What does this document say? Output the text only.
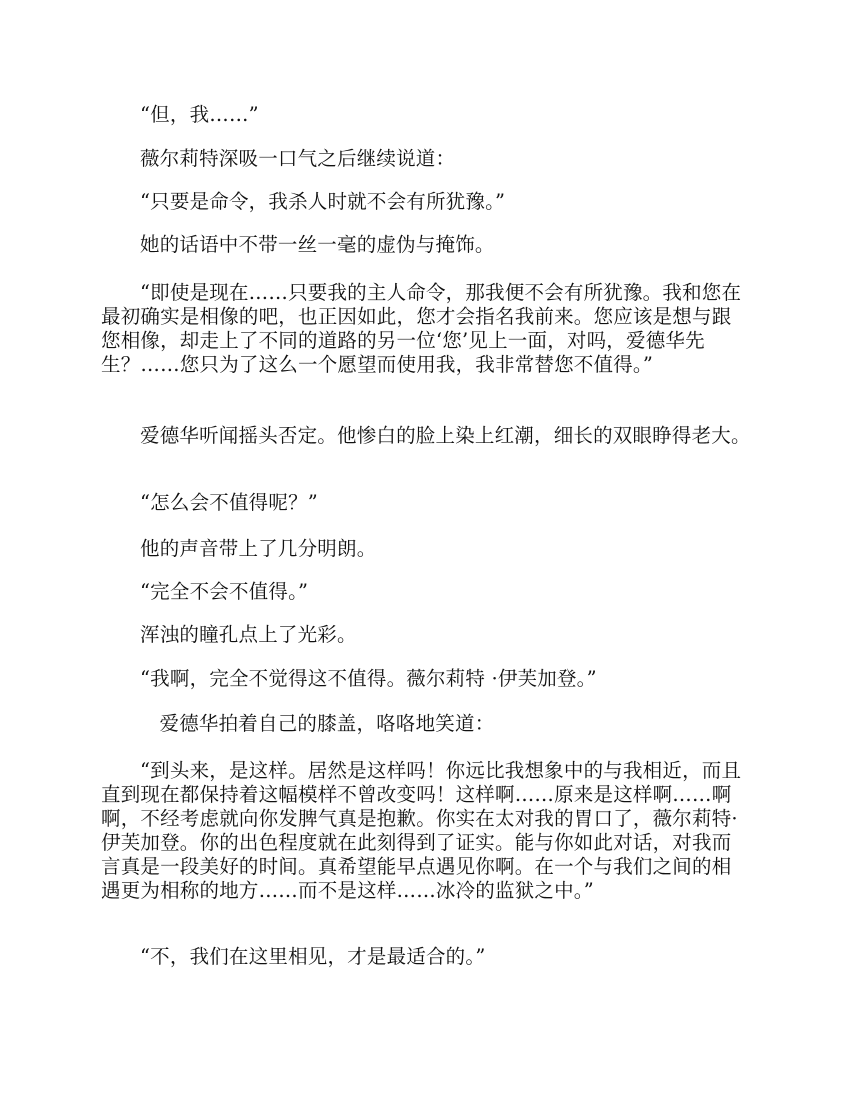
“但，我……”

薇尔莉特深吸一口气之后继续说道：

“只要是命令，我杀人时就不会有所犹豫。”

她的话语中不带一丝一毫的虚伪与掩饰。

“即使是现在……只要我的主人命令，那我便不会有所犹豫。我和您在最初确实是相像的吧，也正因如此，您才会指名我前来。您应该是想与跟您相像，却走上了不同的道路的另一位‘您’见上一面，对吗，爱德华先生？……您只为了这么一个愿望而使用我，我非常替您不值得。”

爱德华听闻摇头否定。他惨白的脸上染上红潮，细长的双眼睁得老大。

“怎么会不值得呢？”

他的声音带上了几分明朗。

“完全不会不值得。”

浑浊的瞳孔点上了光彩。

“我啊，完全不觉得这不值得。薇尔莉特 ·伊芙加登。”

爱德华拍着自己的膝盖，咯咯地笑道：

“到头来，是这样。居然是这样吗！你远比我想象中的与我相近，而且直到现在都保持着这幅模样不曾改变吗！这样啊……原来是这样啊……啊啊，不经考虑就向你发脾气真是抱歉。你实在太对我的胃口了，薇尔莉特·伊芙加登。你的出色程度就在此刻得到了证实。能与你如此对话，对我而言真是一段美好的时间。真希望能早点遇见你啊。在一个与我们之间的相遇更为相称的地方……而不是这样……冰冷的监狱之中。”

“不，我们在这里相见，才是最适合的。”
